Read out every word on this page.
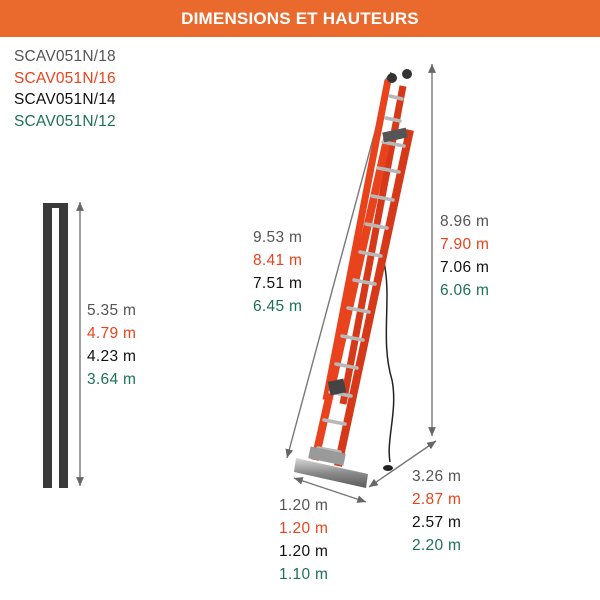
DIMENSIONS ET HAUTEURS
SCAV051N/18
SCAV051N/16
SCAV051N/14
SCAV051N/12
5.35 m
4.79 m
4.23 m
3.64 m
9.53 m
8.41 m
7.51 m
6.45 m
8.96 m
7.90 m
7.06 m
6.06 m
3.26 m
2.87 m
2.57 m
2.20 m
1.20 m
1.20 m
1.20 m
1.10 m
